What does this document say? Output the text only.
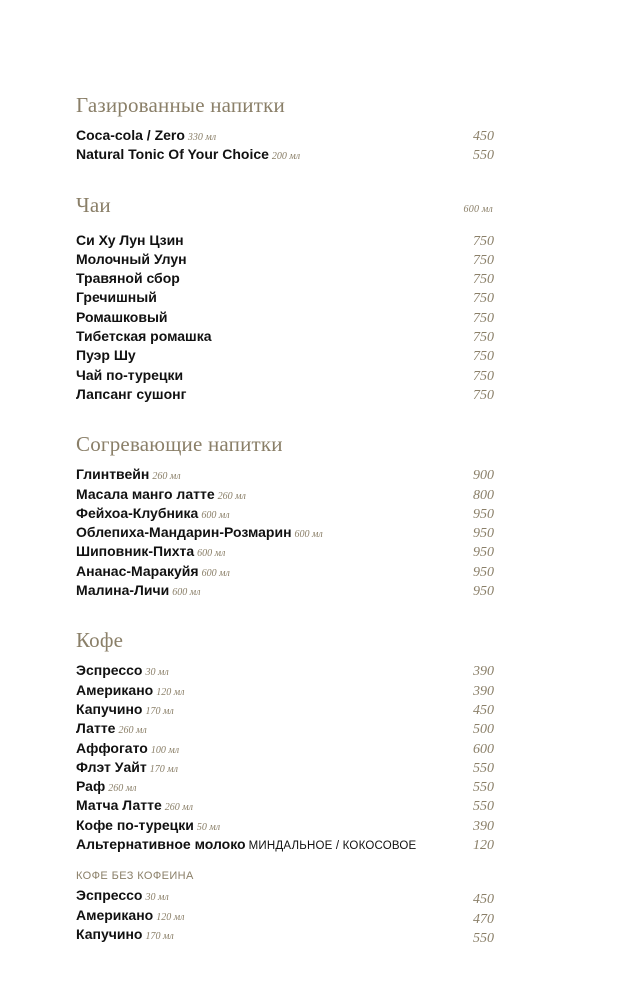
Газированные напитки
Coca-cola / Zero 330 мл	450
Natural Tonic Of Your Choice 200 мл	550
Чаи	600 мл
Си Ху Лун Цзин	750
Молочный Улун	750
Травяной сбор	750
Гречишный	750
Ромашковый	750
Тибетская ромашка	750
Пуэр Шу	750
Чай по-турецки	750
Лапсанг сушонг	750
Согревающие напитки
Глинтвейн 260 мл	900
Масала манго латте 260 мл	800
Фейхоа-Клубника 600 мл	950
Облепиха-Мандарин-Розмарин 600 мл	950
Шиповник-Пихта 600 мл	950
Ананас-Маракуйя 600 мл	950
Малина-Личи 600 мл	950
Кофе
Эспрессо 30 мл	390
Американо 120 мл	390
Капучино 170 мл	450
Латте 260 мл	500
Аффогато 100 мл	600
Флэт Уайт 170 мл	550
Раф 260 мл	550
Матча Латте 260 мл	550
Кофе по-турецки 50 мл	390
Альтернативное молоко МИНДАЛЬНОЕ / КОКОСОВОЕ	120
КОФЕ БЕЗ КОФЕИНА
Эспрессо 30 мл	450
Американо 120 мл	470
Капучино 170 мл	550
